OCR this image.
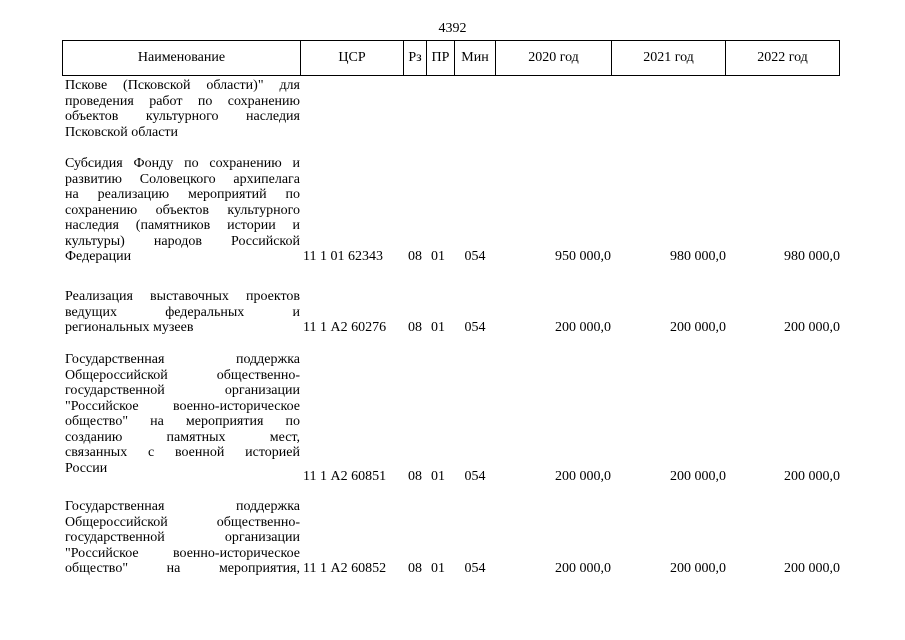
4392
Наименование	ЦСР	Рз ПР Мин	2020 год	2021 год	2022 год
Пскове (Псковской области)" для
проведения работ по сохранению
объектов культурного наследия
Псковской области
Субсидия Фонду по сохранению и
развитию Соловецкого архипелага
на реализацию мероприятий по
сохранению объектов культурного
наследия (памятников истории и
культуры) народов Российской
Федерации	11 1 01 62343	08 01	054	950 000,0	980 000,0	980 000,0
Реализация выставочных проектов
ведущих федеральных и
региональных музеев	11 1 А2 60276	08 01	054	200 000,0	200 000,0	200 000,0
Государственная поддержка
Общероссийской общественно-
государственной организации
"Российское военно-историческое
общество" на мероприятия по
созданию памятных мест,
связанных с военной историей
России
11 1 А2 60851	08 01	054	200 000,0	200 000,0	200 000,0
Государственная поддержка
Общероссийской общественно-
государственной организации
"Российское военно-историческое
общество" на мероприятия, 11 1 А2 60852	08 01	054	200 000,0	200 000,0	200 000,0
